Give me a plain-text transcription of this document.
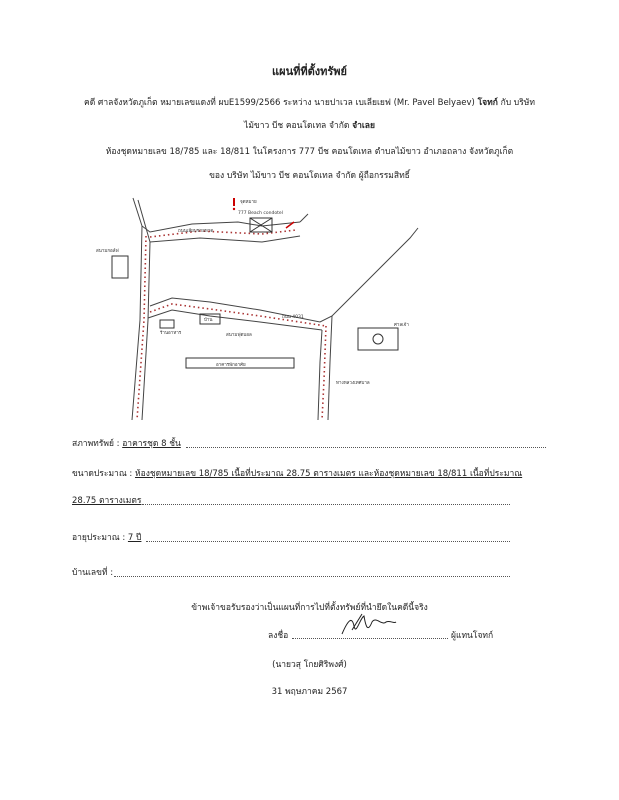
แผนที่ที่ตั้งทรัพย์
คดี ศาลจังหวัดภูเก็ต หมายเลขแดงที่ ผบE1599/2566 ระหว่าง นายปาเวล เบเลียเยฟ (Mr. Pavel Belyaev) โจทก์ กับ บริษัท
ไม้ขาว บีช คอนโดเทล จำกัด จำเลย
ห้องชุดหมายเลข 18/785 และ 18/811 ในโครงการ 777 บีช คอนโดเทล ตำบลไม้ขาว อำเภอถลาง จังหวัดภูเก็ต
ของ บริษัท ไม้ขาว บีช คอนโดเทล จำกัด ผู้ถือกรรมสิทธิ์
จุดหมาย
777 Beach condotel
ถนนเลียบชายหาด
สนามกอล์ฟ
ถนน 4031
ร้านอาหาร
บ้าน
สนามฟุตบอล
อาคารพักอาศัย
ศาลเจ้า
ทางหลวงเทศบาล
สภาพทรัพย์ : อาคารชุด 8 ชั้น
ขนาดประมาณ : ห้องชุดหมายเลข 18/785 เนื้อที่ประมาณ 28.75 ตารางเมตร และห้องชุดหมายเลข 18/811 เนื้อที่ประมาณ
28.75 ตารางเมตร
อายุประมาณ : 7 ปี
บ้านเลขที่ :
ข้าพเจ้าขอรับรองว่าเป็นแผนที่การไปที่ตั้งทรัพย์ที่นำยึดในคดีนี้จริง
ลงชื่อ	ผู้แทนโจทก์
(นายวสุ โกยศิริพงศ์)
31 พฤษภาคม 2567
